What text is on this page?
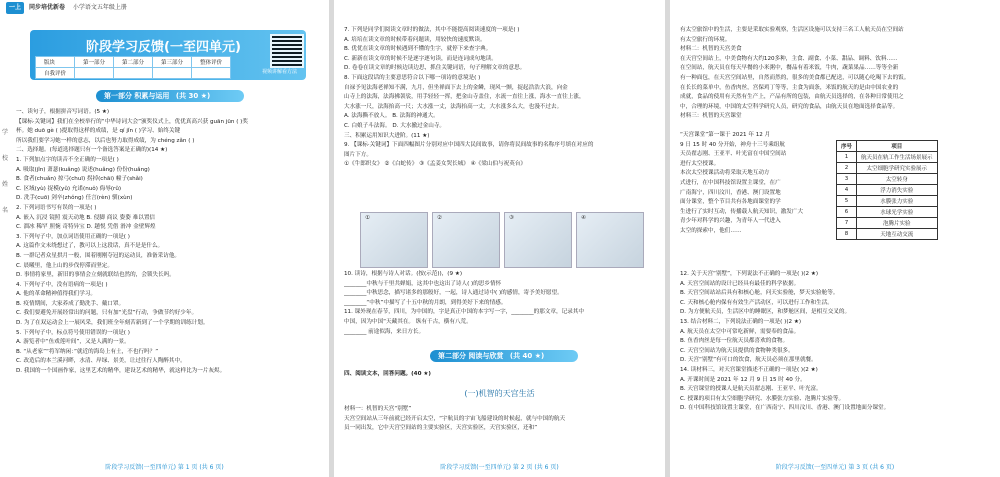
一上 同步培优新卷 小学语文五年级上册
阶段学习反馈(一至四单元)
版块	第一部分	第二部分	第三部分	整体评价
自我评价					视频讲解看方法
第一部分 积累与运用 (共 30 ★)
学
校
姓
名
一、读句子，根据拼音写词语。(5 ★)
【课标·关键词】我们在全校举行的“中华诗词大会”颁奖仪式上，优优真高兴获 guān jūn ( )奖
杯。她 duō gè ( )提取得这样的成绩，是 qí jǐn ( )学习、始终关键
所以我们要学习她一样的意志，以后也努力取得成绩，为 chéng zǎn ( )
二、选择题。(每道选择题只有一个备选答案是正确的)(14 ★)
1. 下列加点字的读音不全正确的一项是( )
A. 吸取(jǐn) 萧瑟(kuǎng) 说述(huǎng) 份份(huǎng)
B. 食者(chuǎn) 掠弓(chuī) 拐掉(chāi) 幢子(shǎi)
C. 区域(yù) 捉模(yǔ) 允诺(nuǒ) 侮辱(rǔ)
D. 洗手(cuō) 剑卒(zhǒng) 任言(rèn) 驯(xùn)
2. 下列词语书写有误的一项是( )
A. 嵌入 沉浸 镜照 震天动地 B. 侵脚 商议 姿姿 难以置信
C. 溜冰 稀罕 照惋 奇特异宝 D. 趟悦 凭借 滑冲 金壁辉煌
3. 下列句子中，加点词语使用正确的一项是( )
A. 这篇作文未绕想过了，教可以上这段话，真不是是什么。
B. 一群记者众星拱月一般，围着刚刚夺冠的运动员，准备采访他。
C. 晨曦里，他上山的步伐停滞而坚定。
D. 事情将家里，新旧的事情会立刻就联结也然的，会锁失长吗。
4. 下列句子中，没有语病的一项是( )
A. 他的革命精神值得我们学习。
B. 疫情期间，大家养成了勤洗手、戴口罩。
C. 我们要避免开展经常出的问题，只有加“光盘”行动，争做节约好少年。
D. 为了在双运动会上一展风采，我们班全年刻苦新到了一个学期的训练计划。
5. 下列句子中，标点符号使用错误的一项是( )
A. 游览者中“鱼戏莲叶间”，又是人满的一景。
B. “从老家”“将军纳闲：”就近的海岛上有土，不也行吗？”
C. 改造后的本兰溪河畔，水清、岸绿、景美，让过往行人陶醉其中。
D. 我国的一个国画作家，这里艺术的精华，建设艺术的精华，就这样比为一片灰烬。
阶段学习反馈(一至四单元) 第 1 页 (共 6 页)
7. 下列是同学们阅读文章时的做法，其中不能提高阅读速度的一项是( )
A. 培培在读文章的时候带着问题读，用较快的速度默读。
B. 优优在读文章的时候遇到不懂的生字，就停下来查字典。
C. 新新在读文章的时候不是逐字逐句读，而是连词成句地读。
D. 卷卷在读文章的时候边读边思，抓住关键词语，句子理解文章的意思。
8. 下面这段话的主要意思符合以下哪一项诗的意境是( )
自禄予见法海老禅知不满，九月，但坐禅面下去上的金鳞，现风一颤，捉起浩浩大浪，向金
山寺上的法海，法海拂袈裟，用手轻轻一挥，把金山寺盖住，水流一直往上涨，海水一直往上涨，
大水涨一尺，法海抬高一尺；大水涨一丈，法海抬高一丈，大水涨多么大，也漫不过去。
A. 法海撕不放人。 B. 法海的神通大。
C. 白娘子斗法海。 D. 大水撤过金山寺。
三、积累运用知识大进阶。(11 ★)
9. 【课标·关键词】下面四幅图片分别对应中国四大民间故事，请你将民间故事的名称序号填在对应的
图片下方。
①《牛郎织女》 ②《白蛇传》 ③《孟姜女哭长城》 ④《梁山伯与祝英台》
①	②	③	④
10. 读诗，根据与诗人对话。(按(示范))，(9 ★)
________中秋与千里共婵娟，这其中也这出了诗人( )的思乡情怀
________中秋思念，描写诸多的那般好，一起，诗人通过诗中( )的感情，寄予美好愿望。
________“中秋”中描写了十五中秋的月朗，到得美好下来的情感。
11. 课外现在春节，四川，为中国的，字是真正中国的本字写一字，________的那文章，记录其中
中国，因为中国“天藏其在。 纵有千古，横有八荒。
________ 前途似海，来日方长。
第二部分 阅读与欣赏 (共 40 ★)
四、阅读文本，回答问题。(40 ★)
(一)机智的天宫生活
材料一：机智的天宫“别墅”
天宫空间站从三年前就已经开启太空，“宇航员的宇宙飞船建设的时候起，就与中国的航天
员一同出发，它中天宫空间站的主要实验区，天宫实验区，天宫实验区，还和”
阶段学习反馈(一至四单元) 第 2 页 (共 6 页)
有太空旅馆中的生活，主要是采取实验观察，生活区设施可以支持三名工人航天员在空间站
有太空旅行的环境。
材料二：机智的天宫美食
在天宫空间站上，中美食物有大约120多种，主食、副食、小菜、甜品、调料、饮料……
在空间站，航天员在每天早餐的小米粥中，餐品有着米饭，牛肉，蔬菜果品……等等全新
有一种面包，在天宫空间站里，自然而然的，很多的美食都已配送，可以随心吃喝下去的饭。
在长长的菜单中，鱼香肉丝，宫保鸡丁等等，主食为面条，米饭的航天的是由中国农业的
成就，食品的使用有天然有生产上，产品有所的包装，由航天员选择的，在各种日常使用之
中，合理的环境，中国的太空科学研究人员，研究的食品，由航天员在地面选择食品等。
材料三：机智的天宫课堂
“天宫课堂”第一课于 2021 年 12 月
9 日 15 时 40 分开始，神舟十三号乘组航
天员翟志刚、王亚平、叶光富在中国空间站
进行太空授课。
本次太空授课活动将采取天地互动方
式进行，在中国科技馆设置主课堂，在广
广南海宁，四川汶川，香港、澳门设置地
面分课堂，整个节目共有各地面课堂的学
生进行了实时互动，传播载人航天知识，激发广大
青少年对科学的兴趣，为青年人一代进入
太空的探索中，他们……
序号	项目
1	航天员在轨工作生活场景展示
2	太空细胞学研究实验展示
3	太空转身
4	浮力消失实验
5	水膜张力实验
6	水球光学实验
7	泡腾片实验
8	天地互动交流
12. 关于天宫“别墅”，下列说法不正确的一项是( )(2 ★)
A. 天宫空间站的设计已经具有最佳的科学依据。
B. 天宫空间站站后具有和核心舱，问天实验舱，梦天实验舱等。
C. 天和核心舱内保有有效生产活动区，可以进行工作和生活。
D. 为方便航天员，生活区中的睡眠区，和梦舱区间，是相互交叉的。
13. 结合材料二，下列说法正确的一项是( )(2 ★)
A. 航天员在太空中可常吃新鲜，需要奉的食品。
B. 鱼香肉丝是每一位航天员都喜欢的食物。
C. 天宫空间站为航天员提供的食物种类很多。
D. 天宫“别墅”有可口的饮食，航天员必须在那里就餐。
14. 读材料三，对天宫课堂描述不正确的一项是( )(2 ★)
A. 开课时间是 2021 年 12 月 9 日 15 时 40 分。
B. 天宫课堂的授课人是航天员翟志刚、王亚平、叶光富。
C. 授课的项目有太空细胞学研究、水膜张力实验、泡腾片实验等。
D. 在中国科技馆设置主课堂，在广西南宁、四川汶川、香港、澳门设置地面分课堂。
阶段学习反馈(一至四单元) 第 3 页 (共 6 页)
